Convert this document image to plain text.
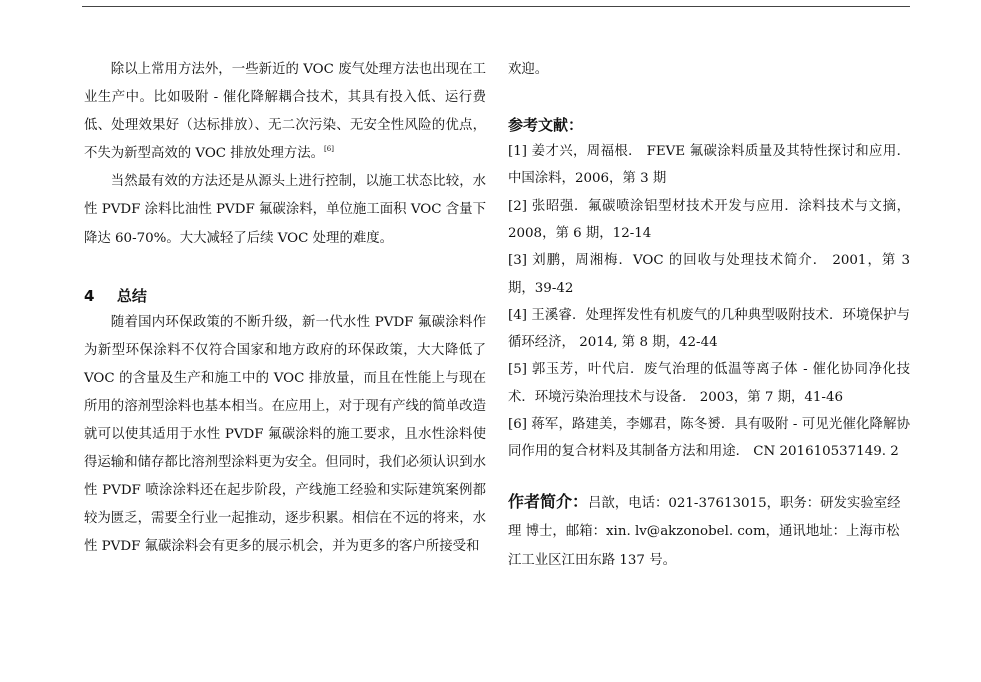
除以上常用方法外，一些新近的 VOC 废气处理方法也出现在工业生产中。比如吸附 - 催化降解耦合技术，其具有投入低、运行费低、处理效果好（达标排放）、无二次污染、无安全性风险的优点，不失为新型高效的 VOC 排放处理方法。[6]

当然最有效的方法还是从源头上进行控制，以施工状态比较，水性 PVDF 涂料比油性 PVDF 氟碳涂料，单位施工面积 VOC 含量下降达 60-70%。大大减轻了后续 VOC 处理的难度。

4 总结

随着国内环保政策的不断升级，新一代水性 PVDF 氟碳涂料作为新型环保涂料不仅符合国家和地方政府的环保政策，大大降低了 VOC 的含量及生产和施工中的 VOC 排放量，而且在性能上与现在所用的溶剂型涂料也基本相当。在应用上，对于现有产线的简单改造就可以使其适用于水性 PVDF 氟碳涂料的施工要求，且水性涂料使得运输和储存都比溶剂型涂料更为安全。但同时，我们必须认识到水性 PVDF 喷涂涂料还在起步阶段，产线施工经验和实际建筑案例都较为匮乏，需要全行业一起推动，逐步积累。相信在不远的将来，水性 PVDF 氟碳涂料会有更多的展示机会，并为更多的客户所接受和

欢迎。

参考文献：

[1] 姜才兴，周福根． FEVE 氟碳涂料质量及其特性探讨和应用．中国涂料，2006，第 3 期

[2] 张昭强．氟碳喷涂铝型材技术开发与应用．涂料技术与文摘，2008，第 6 期，12-14

[3] 刘鹏，周湘梅．VOC 的回收与处理技术简介． 2001，第 3 期，39-42

[4] 王溪睿．处理挥发性有机废气的几种典型吸附技术．环境保护与循环经济， 2014, 第 8 期，42-44

[5] 郭玉芳，叶代启．废气治理的低温等离子体 - 催化协同净化技术．环境污染治理技术与设备． 2003，第 7 期，41-46

[6] 蒋军，路建美，李娜君，陈冬赟．具有吸附 - 可见光催化降解协同作用的复合材料及其制备方法和用途． CN 201610537149. 2

作者简介：吕歆，电话：021-37613015，职务：研发实验室经理 博士，邮箱：xin. lv@akzonobel. com，通讯地址：上海市松江工业区江田东路 137 号。
